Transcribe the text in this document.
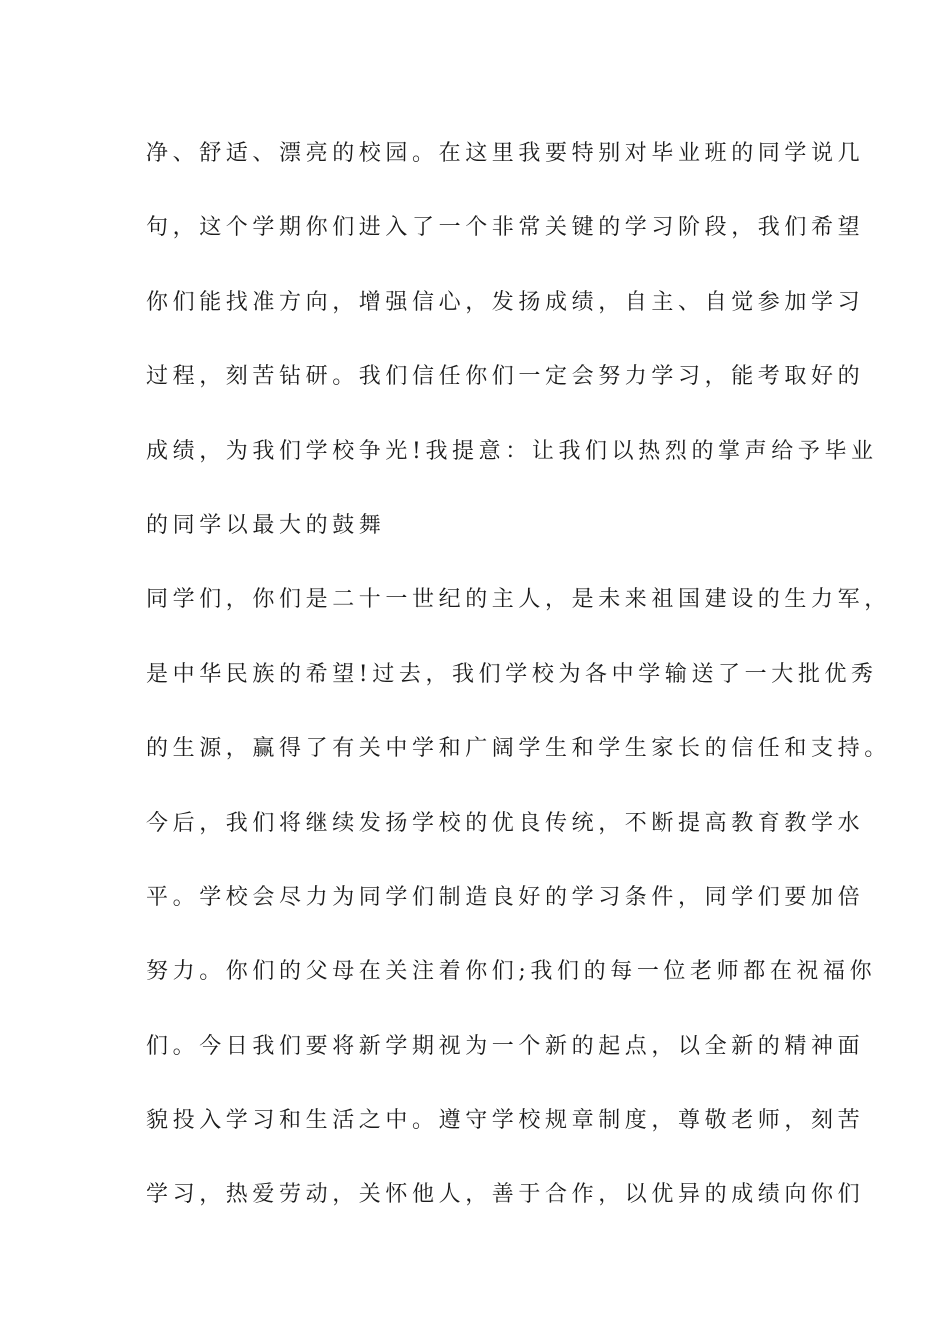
净、舒适、漂亮的校园。在这里我要特别对毕业班的同学说几
句，这个学期你们进入了一个非常关键的学习阶段，我们希望
你们能找准方向，增强信心，发扬成绩，自主、自觉参加学习
过程，刻苦钻研。我们信任你们一定会努力学习，能考取好的
成绩，为我们学校争光!我提意：让我们以热烈的掌声给予毕业
的同学以最大的鼓舞
同学们，你们是二十一世纪的主人，是未来祖国建设的生力军，
是中华民族的希望!过去，我们学校为各中学输送了一大批优秀
的生源，赢得了有关中学和广阔学生和学生家长的信任和支持。
今后，我们将继续发扬学校的优良传统，不断提高教育教学水
平。学校会尽力为同学们制造良好的学习条件，同学们要加倍
努力。你们的父母在关注着你们;我们的每一位老师都在祝福你
们。今日我们要将新学期视为一个新的起点，以全新的精神面
貌投入学习和生活之中。遵守学校规章制度，尊敬老师，刻苦
学习，热爱劳动，关怀他人，善于合作，以优异的成绩向你们
